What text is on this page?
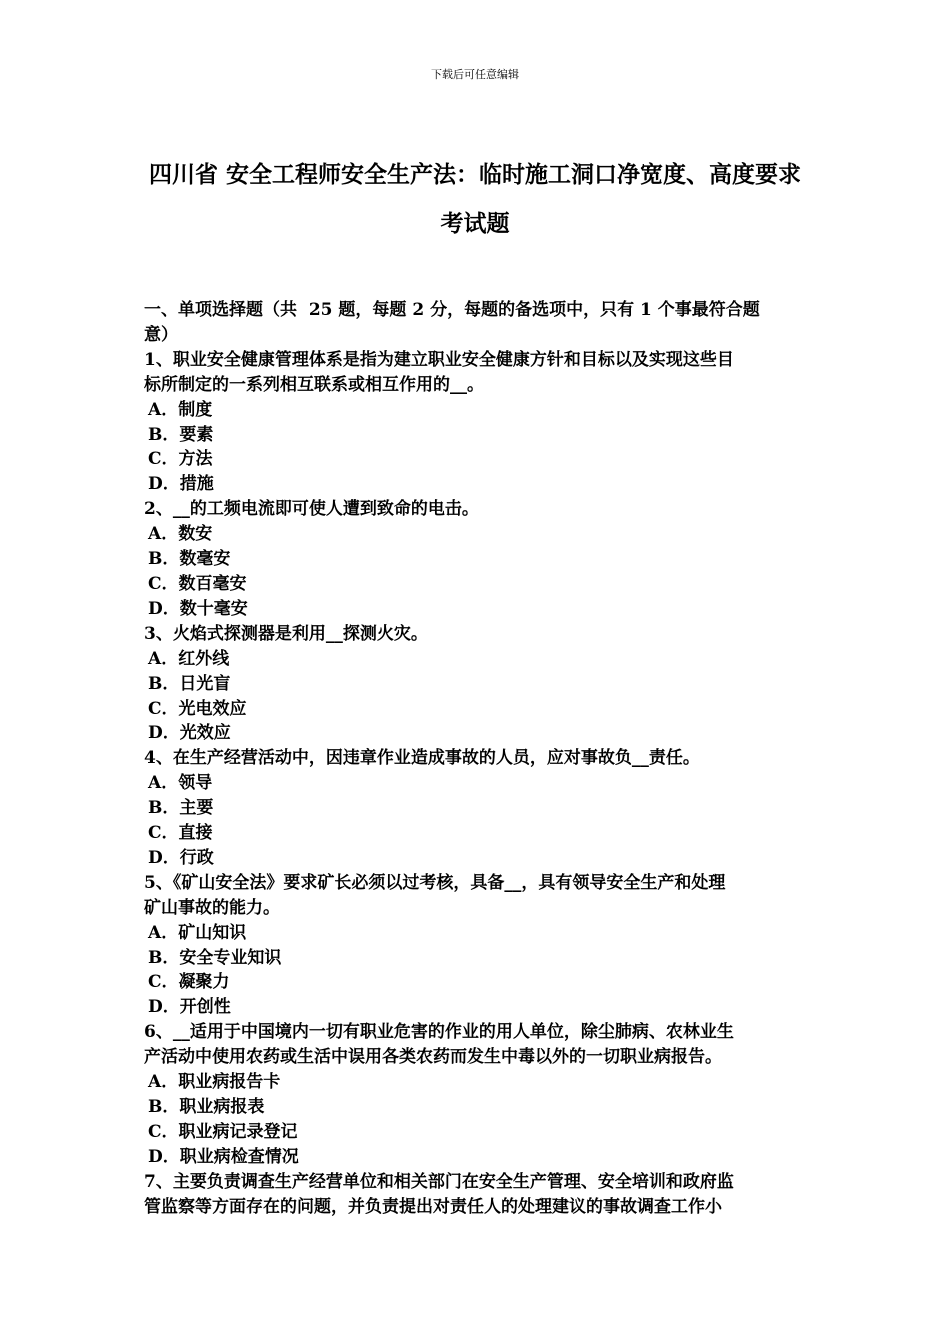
下载后可任意编辑
四川省 安全工程师安全生产法：临时施工洞口净宽度、高度要求考试题
一、单项选择题（共  25 题，每题 2 分，每题的备选项中，只有 1 个事最符合题
意）
1、职业安全健康管理体系是指为建立职业安全健康方针和目标以及实现这些目
标所制定的一系列相互联系或相互作用的__。
A．制度
B．要素
C．方法
D．措施
2、__的工频电流即可使人遭到致命的电击。
A．数安
B．数毫安
C．数百毫安
D．数十毫安
3、火焰式探测器是利用__探测火灾。
A．红外线
B．日光盲
C．光电效应
D．光效应
4、在生产经营活动中，因违章作业造成事故的人员，应对事故负__责任。
A．领导
B．主要
C．直接
D．行政
5、《矿山安全法》要求矿长必须以过考核，具备__，具有领导安全生产和处理
矿山事故的能力。
A．矿山知识
B．安全专业知识
C．凝聚力
D．开创性
6、__适用于中国境内一切有职业危害的作业的用人单位，除尘肺病、农林业生
产活动中使用农药或生活中误用各类农药而发生中毒以外的一切职业病报告。
A．职业病报告卡
B．职业病报表
C．职业病记录登记
D．职业病检查情况
7、主要负责调查生产经营单位和相关部门在安全生产管理、安全培训和政府监
管监察等方面存在的问题，并负责提出对责任人的处理建议的事故调查工作小
